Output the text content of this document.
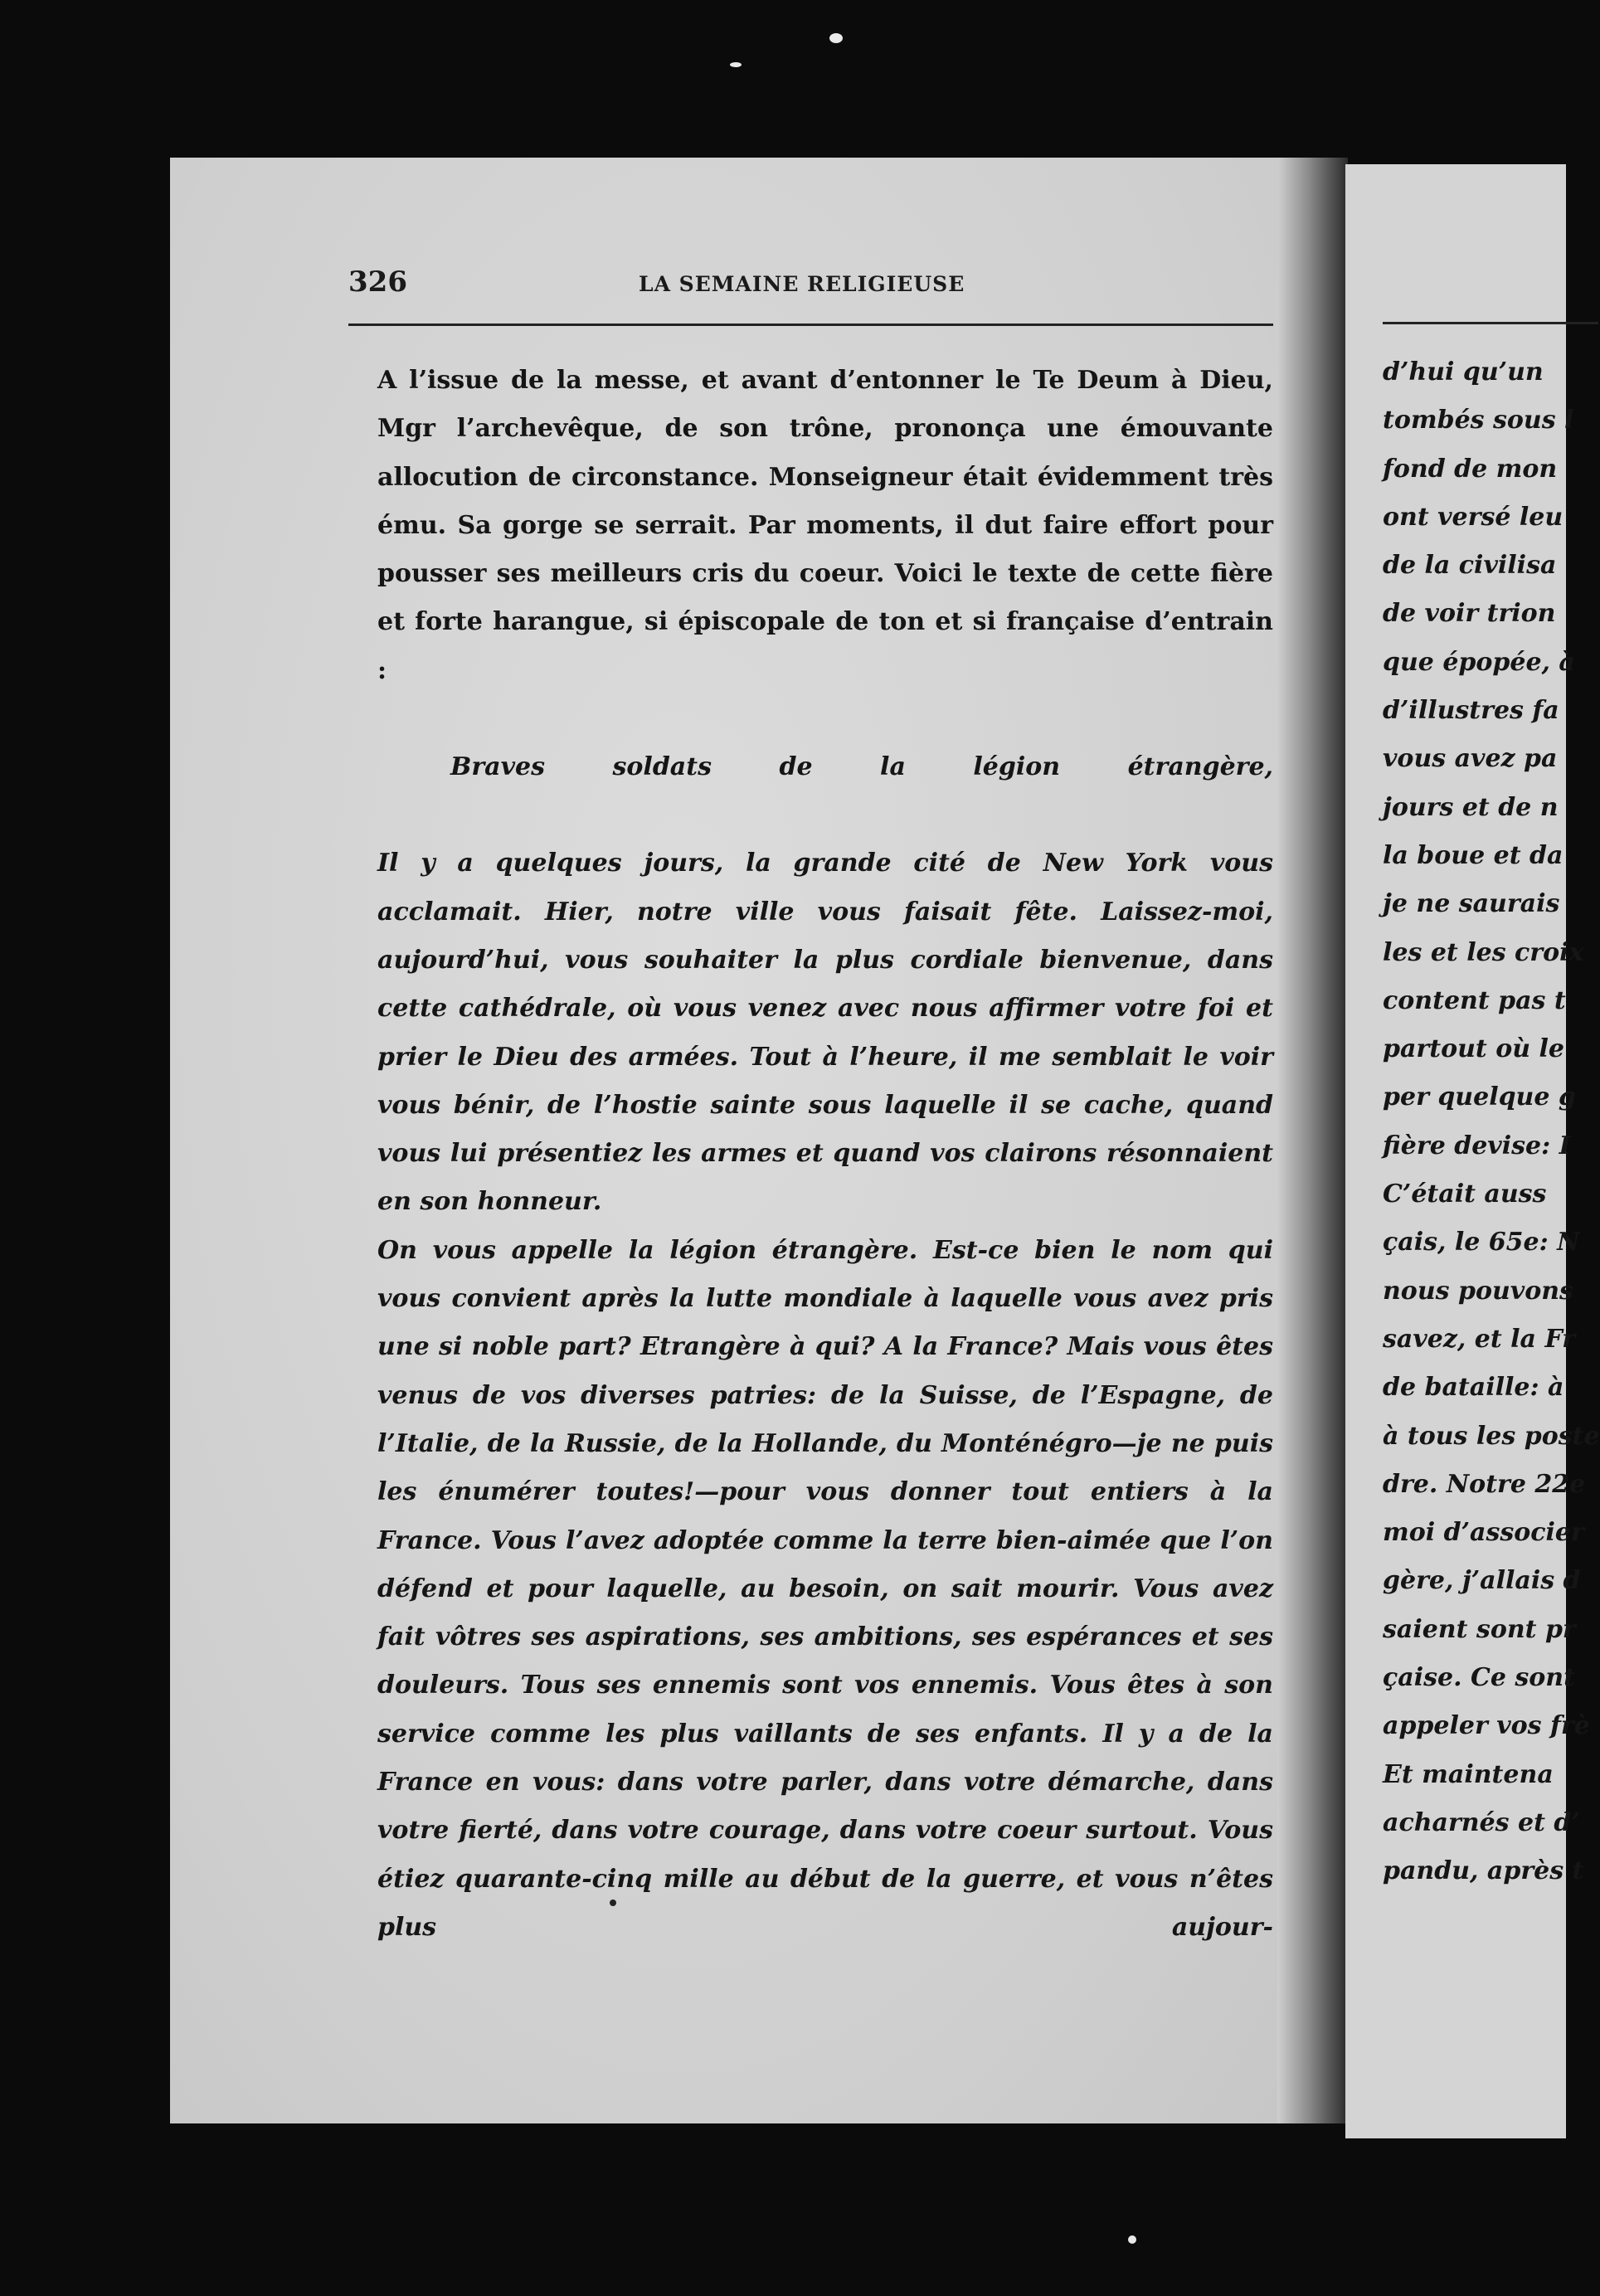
d’hui qu’un
tombés sous l
fond de mon
ont versé leu
de la civilisa
de voir trion
que épopée, à
d’illustres fa
vous avez pa
jours et de n
la boue et da
je ne saurais
les et les croix
content pas t
partout où le
per quelque g
fière devise: I
C’était auss
çais, le 65e: N
nous pouvons
savez, et la Fr
de bataille: à
à tous les poste
dre. Notre 22e
moi d’associer
gère, j’allais d
saient sont pr
çaise. Ce sont
appeler vos frè
Et maintena
acharnés et d’
pandu, après t
326	LA SEMAINE RELIGIEUSE

A l’issue de la messe, et avant d’entonner le Te Deum à Dieu, Mgr l’archevêque, de son trône, prononça une émouvante allocution de circonstance. Monseigneur était évidemment très ému. Sa gorge se serrait. Par moments, il dut faire effort pour pousser ses meilleurs cris du coeur. Voici le texte de cette fière et forte harangue, si épiscopale de ton et si française d’entrain :

Braves soldats de la légion étrangère,

Il y a quelques jours, la grande cité de New York vous acclamait. Hier, notre ville vous faisait fête. Laissez-moi, aujourd’hui, vous souhaiter la plus cordiale bienvenue, dans cette cathédrale, où vous venez avec nous affirmer votre foi et prier le Dieu des armées. Tout à l’heure, il me semblait le voir vous bénir, de l’hostie sainte sous laquelle il se cache, quand vous lui présentiez les armes et quand vos clairons résonnaient en son honneur.

On vous appelle la légion étrangère. Est-ce bien le nom qui vous convient après la lutte mondiale à laquelle vous avez pris une si noble part? Etrangère à qui? A la France? Mais vous êtes venus de vos diverses patries: de la Suisse, de l’Espagne, de l’Italie, de la Russie, de la Hollande, du Monténégro—je ne puis les énumérer toutes!—pour vous donner tout entiers à la France. Vous l’avez adoptée comme la terre bien-aimée que l’on défend et pour laquelle, au besoin, on sait mourir. Vous avez fait vôtres ses aspirations, ses ambitions, ses espérances et ses douleurs. Tous ses ennemis sont vos ennemis. Vous êtes à son service comme les plus vaillants de ses enfants. Il y a de la France en vous: dans votre parler, dans votre démarche, dans votre fierté, dans votre courage, dans votre coeur surtout. Vous étiez quarante-cinq mille au début de la guerre, et vous n’êtes plus aujour-
